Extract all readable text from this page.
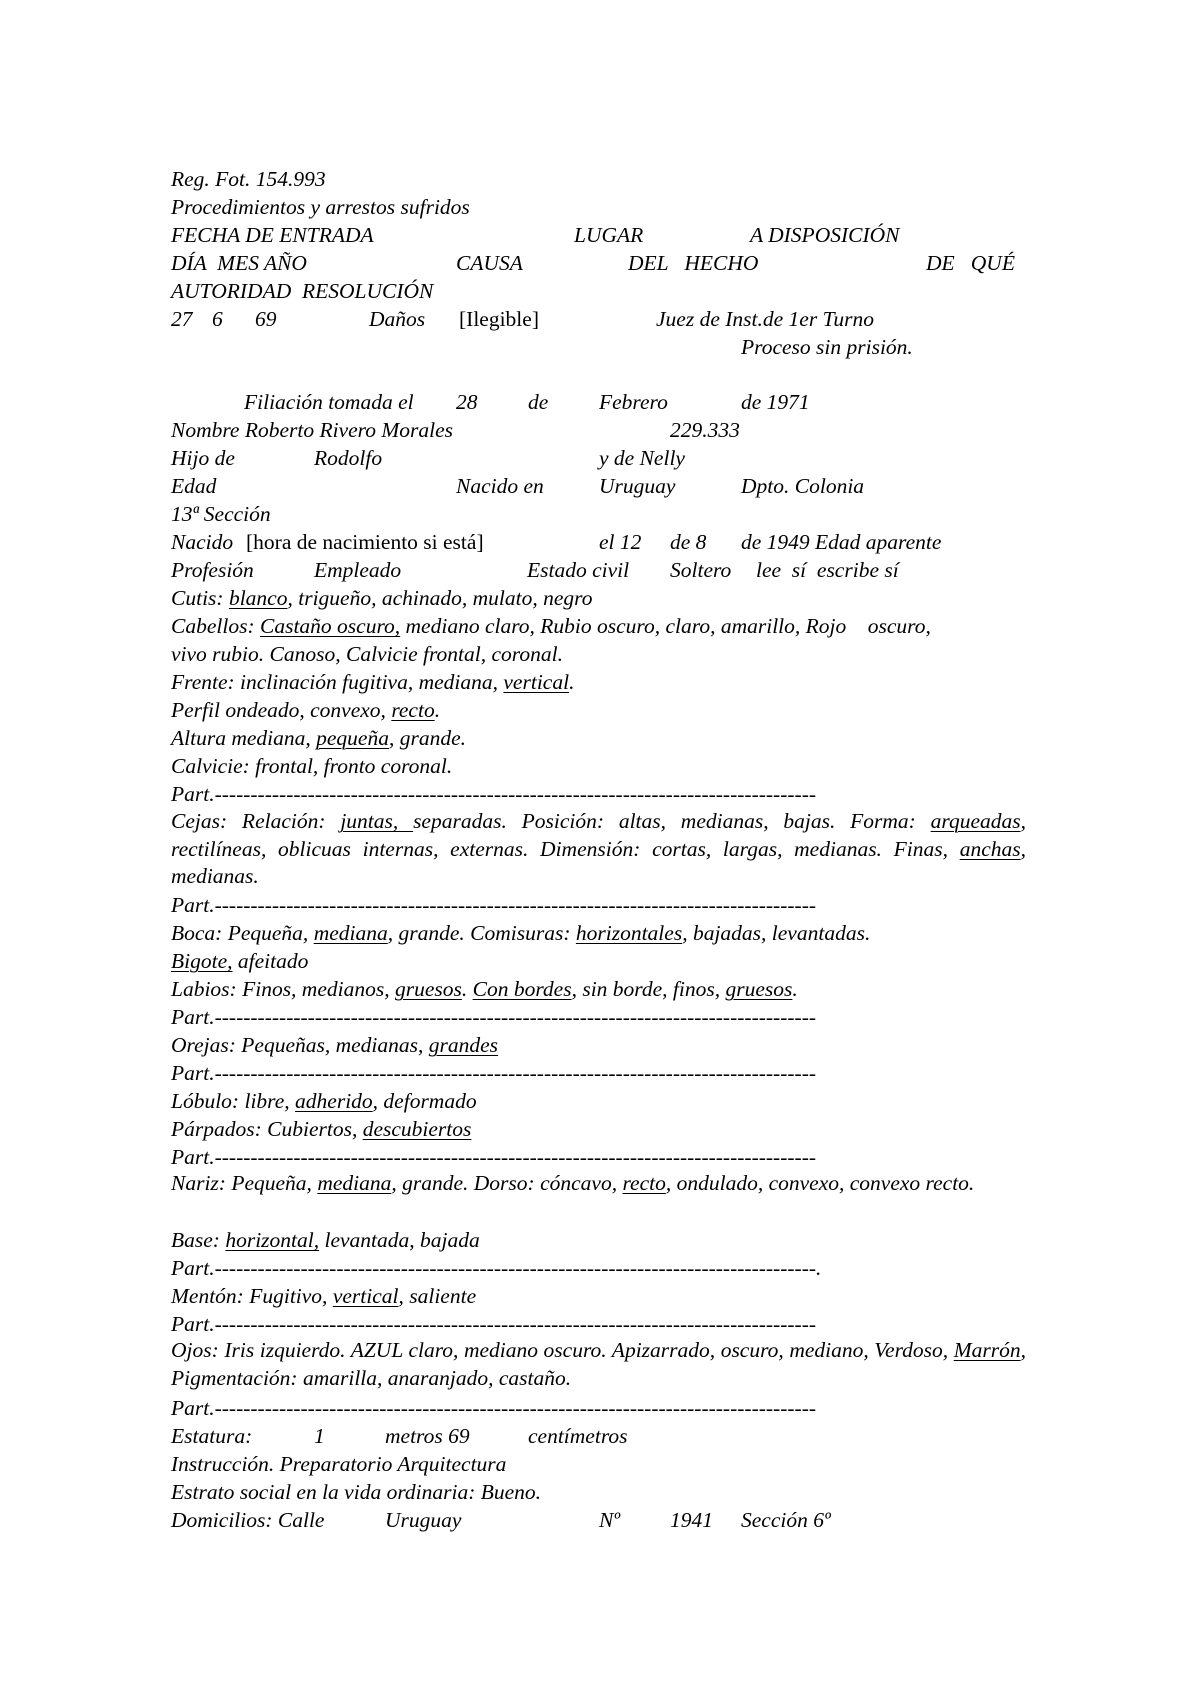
Reg. Fot. 154.993
Procedimientos y arrestos sufridos
FECHA DE ENTRADA	LUGAR	A DISPOSICIÓN
DÍA  MES AÑO	CAUSA	DEL   HECHO	DE   QUÉ
AUTORIDAD  RESOLUCIÓN
27 6 69	Daños [Ilegible]	Juez de Inst.de 1er Turno
Proceso sin prisión.
Filiación tomada el 28 de Febrero	de 1971
Nombre Roberto Rivero Morales	229.333
Hijo de	Rodolfo	y de Nelly
Edad	Nacido en	Uruguay	Dpto. Colonia
13ª Sección
Nacido [hora de nacimiento si está]	el 12 de 8 de 1949 Edad aparente
Profesión	Empleado	Estado civil Soltero lee  sí  escribe sí
Cutis: blanco, trigueño, achinado, mulato, negro
Cabellos: Castaño oscuro, mediano claro, Rubio oscuro, claro, amarillo, Rojo    oscuro,
vivo rubio. Canoso, Calvicie frontal, coronal.
Frente: inclinación fugitiva, mediana, vertical.
Perfil ondeado, convexo, recto.
Altura mediana, pequeña, grande.
Calvicie: frontal, fronto coronal.
Part.------------------------------------------------------------------------------------
Cejas: Relación: juntas, separadas. Posición: altas, medianas, bajas. Forma: arqueadas, rectilíneas, oblicuas internas, externas. Dimensión: cortas, largas, medianas. Finas, anchas, medianas.
Part.------------------------------------------------------------------------------------
Boca: Pequeña, mediana, grande. Comisuras: horizontales, bajadas, levantadas.
Bigote, afeitado
Labios: Finos, medianos, gruesos. Con bordes, sin borde, finos, gruesos.
Part.------------------------------------------------------------------------------------
Orejas: Pequeñas, medianas, grandes
Part.------------------------------------------------------------------------------------
Lóbulo: libre, adherido, deformado
Párpados: Cubiertos, descubiertos
Part.------------------------------------------------------------------------------------
Nariz: Pequeña, mediana, grande. Dorso: cóncavo, recto, ondulado, convexo, convexo recto.
Base: horizontal, levantada, bajada
Part.------------------------------------------------------------------------------------.
Mentón: Fugitivo, vertical, saliente
Part.------------------------------------------------------------------------------------
Ojos: Iris izquierdo. AZUL claro, mediano oscuro. Apizarrado, oscuro, mediano, Verdoso, Marrón, Pigmentación: amarilla, anaranjado, castaño.
Part.------------------------------------------------------------------------------------
Estatura:	1	metros 69	centímetros
Instrucción. Preparatorio Arquitectura
Estrato social en la vida ordinaria: Bueno.
Domicilios: Calle	Uruguay	Nº 1941 Sección 6º
